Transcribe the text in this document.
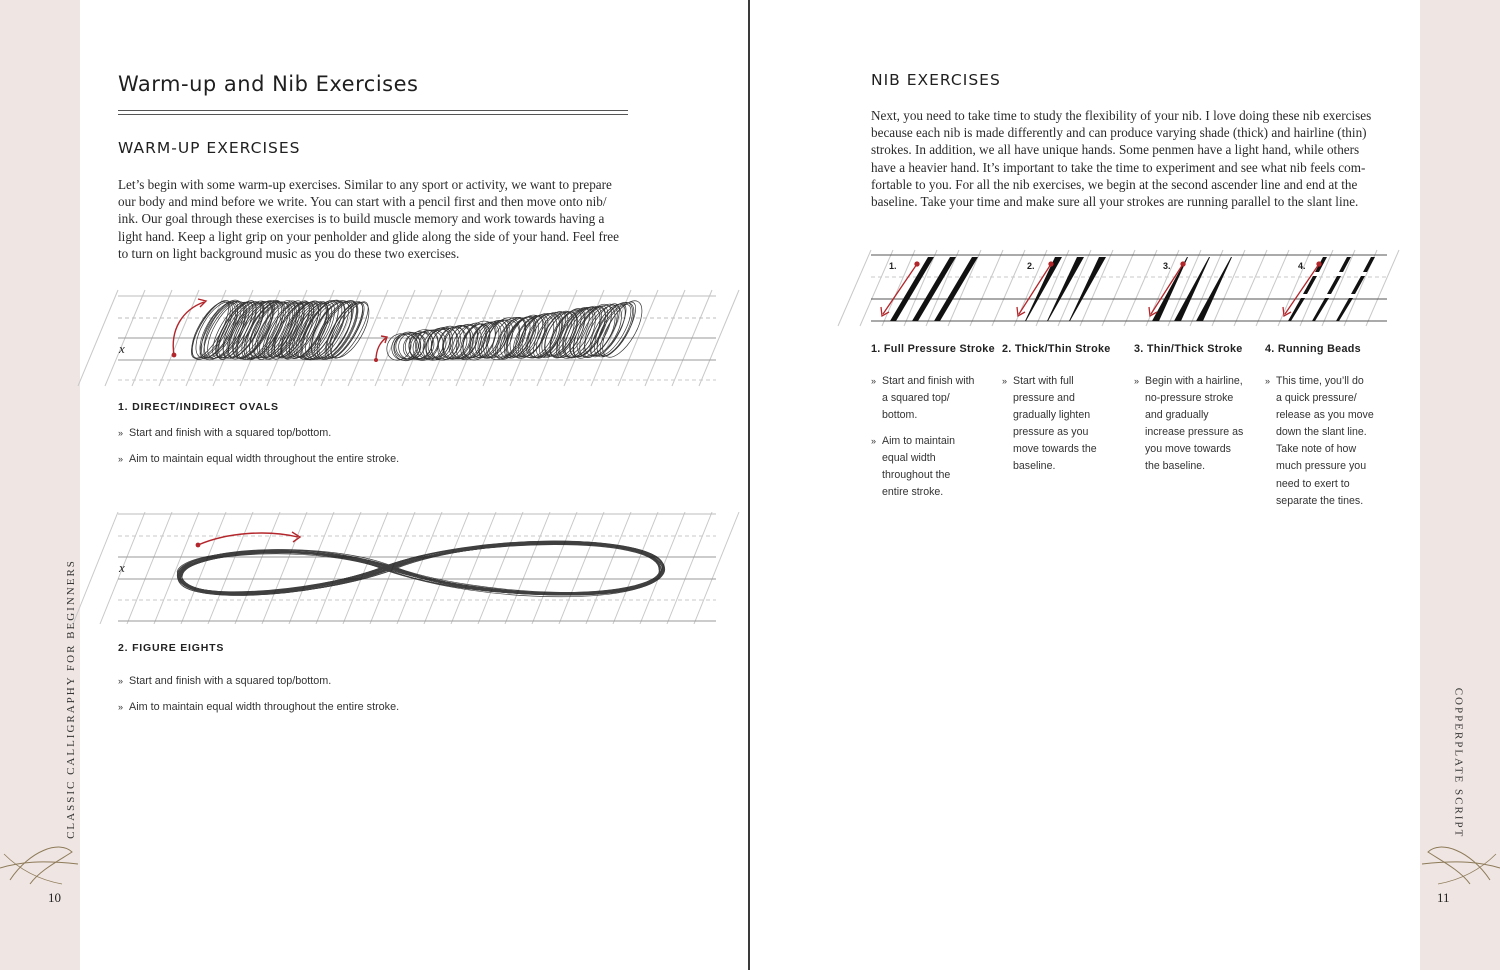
Warm-up and Nib Exercises
WARM-UP EXERCISES

Let’s begin with some warm-up exercises. Similar to any sport or activity, we want to prepare
our body and mind before we write. You can start with a pencil first and then move onto nib/
ink. Our goal through these exercises is to build muscle memory and work towards having a
light hand. Keep a light grip on your penholder and glide along the side of your hand. Feel free
to turn on light background music as you do these two exercises.

x
1. DIRECT/INDIRECT OVALS
» Start and finish with a squared top/bottom.
» Aim to maintain equal width throughout the entire stroke.
x
2. FIGURE EIGHTS
» Start and finish with a squared top/bottom.
» Aim to maintain equal width throughout the entire stroke.
CLASSIC CALLIGRAPHY FOR BEGINNERS
10
NIB EXERCISES

Next, you need to take time to study the flexibility of your nib. I love doing these nib exercises
because each nib is made differently and can produce varying shade (thick) and hairline (thin)
strokes. In addition, we all have unique hands. Some penmen have a light hand, while others
have a heavier hand. It’s important to take the time to experiment and see what nib feels com-
fortable to you. For all the nib exercises, we begin at the second ascender line and end at the
baseline. Take your time and make sure all your strokes are running parallel to the slant line.

1.	2.	3.	4.
1. Full Pressure Stroke
» Start and finish with
a squared top/
bottom.
» Aim to maintain
equal width
throughout the
entire stroke.
2. Thick/Thin Stroke
» Start with full
pressure and
gradually lighten
pressure as you
move towards the
baseline.
3. Thin/Thick Stroke
» Begin with a hairline,
no-pressure stroke
and gradually
increase pressure as
you move towards
the baseline.
4. Running Beads
» This time, you’ll do
a quick pressure/
release as you move
down the slant line.
Take note of how
much pressure you
need to exert to
separate the tines.
COPPERPLATE SCRIPT
11
